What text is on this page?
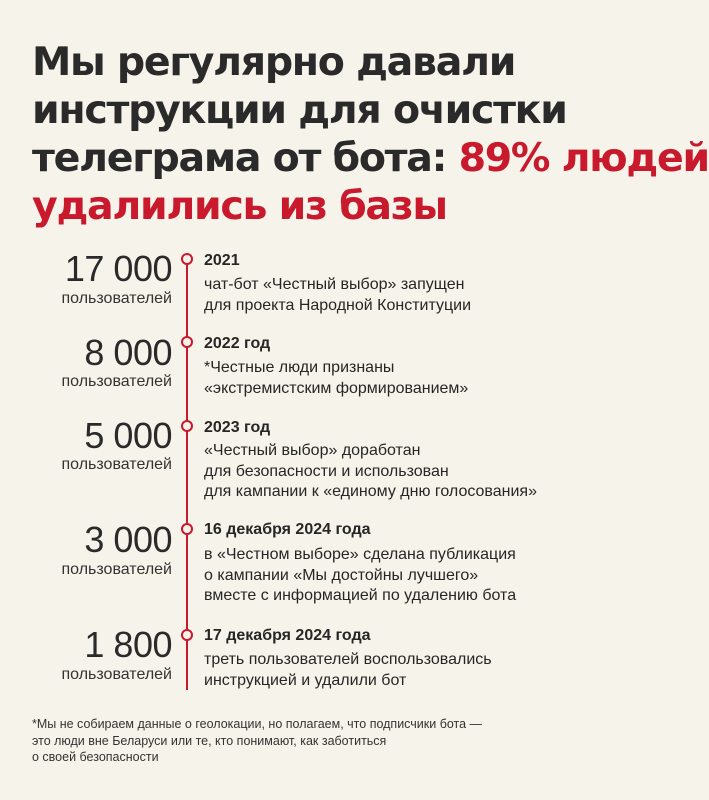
Мы регулярно давали
инструкции для очистки
телеграма от бота: 89% людей
удалились из базы
17 000
пользователей
2021
чат-бот «Честный выбор» запущен
для проекта Народной Конституции
8 000
пользователей
2022 год
*Честные люди признаны
«экстремистским формированием»
5 000
пользователей
2023 год
«Честный выбор» доработан
для безопасности и использован
для кампании к «единому дню голосования»
3 000
пользователей
16 декабря 2024 года
в «Честном выборе» сделана публикация
о кампании «Мы достойны лучшего»
вместе с информацией по удалению бота
1 800
пользователей
17 декабря 2024 года
треть пользователей воспользовались
инструкцией и удалили бот
*Мы не собираем данные о геолокации, но полагаем, что подписчики бота —
это люди вне Беларуси или те, кто понимают, как заботиться
о своей безопасности
